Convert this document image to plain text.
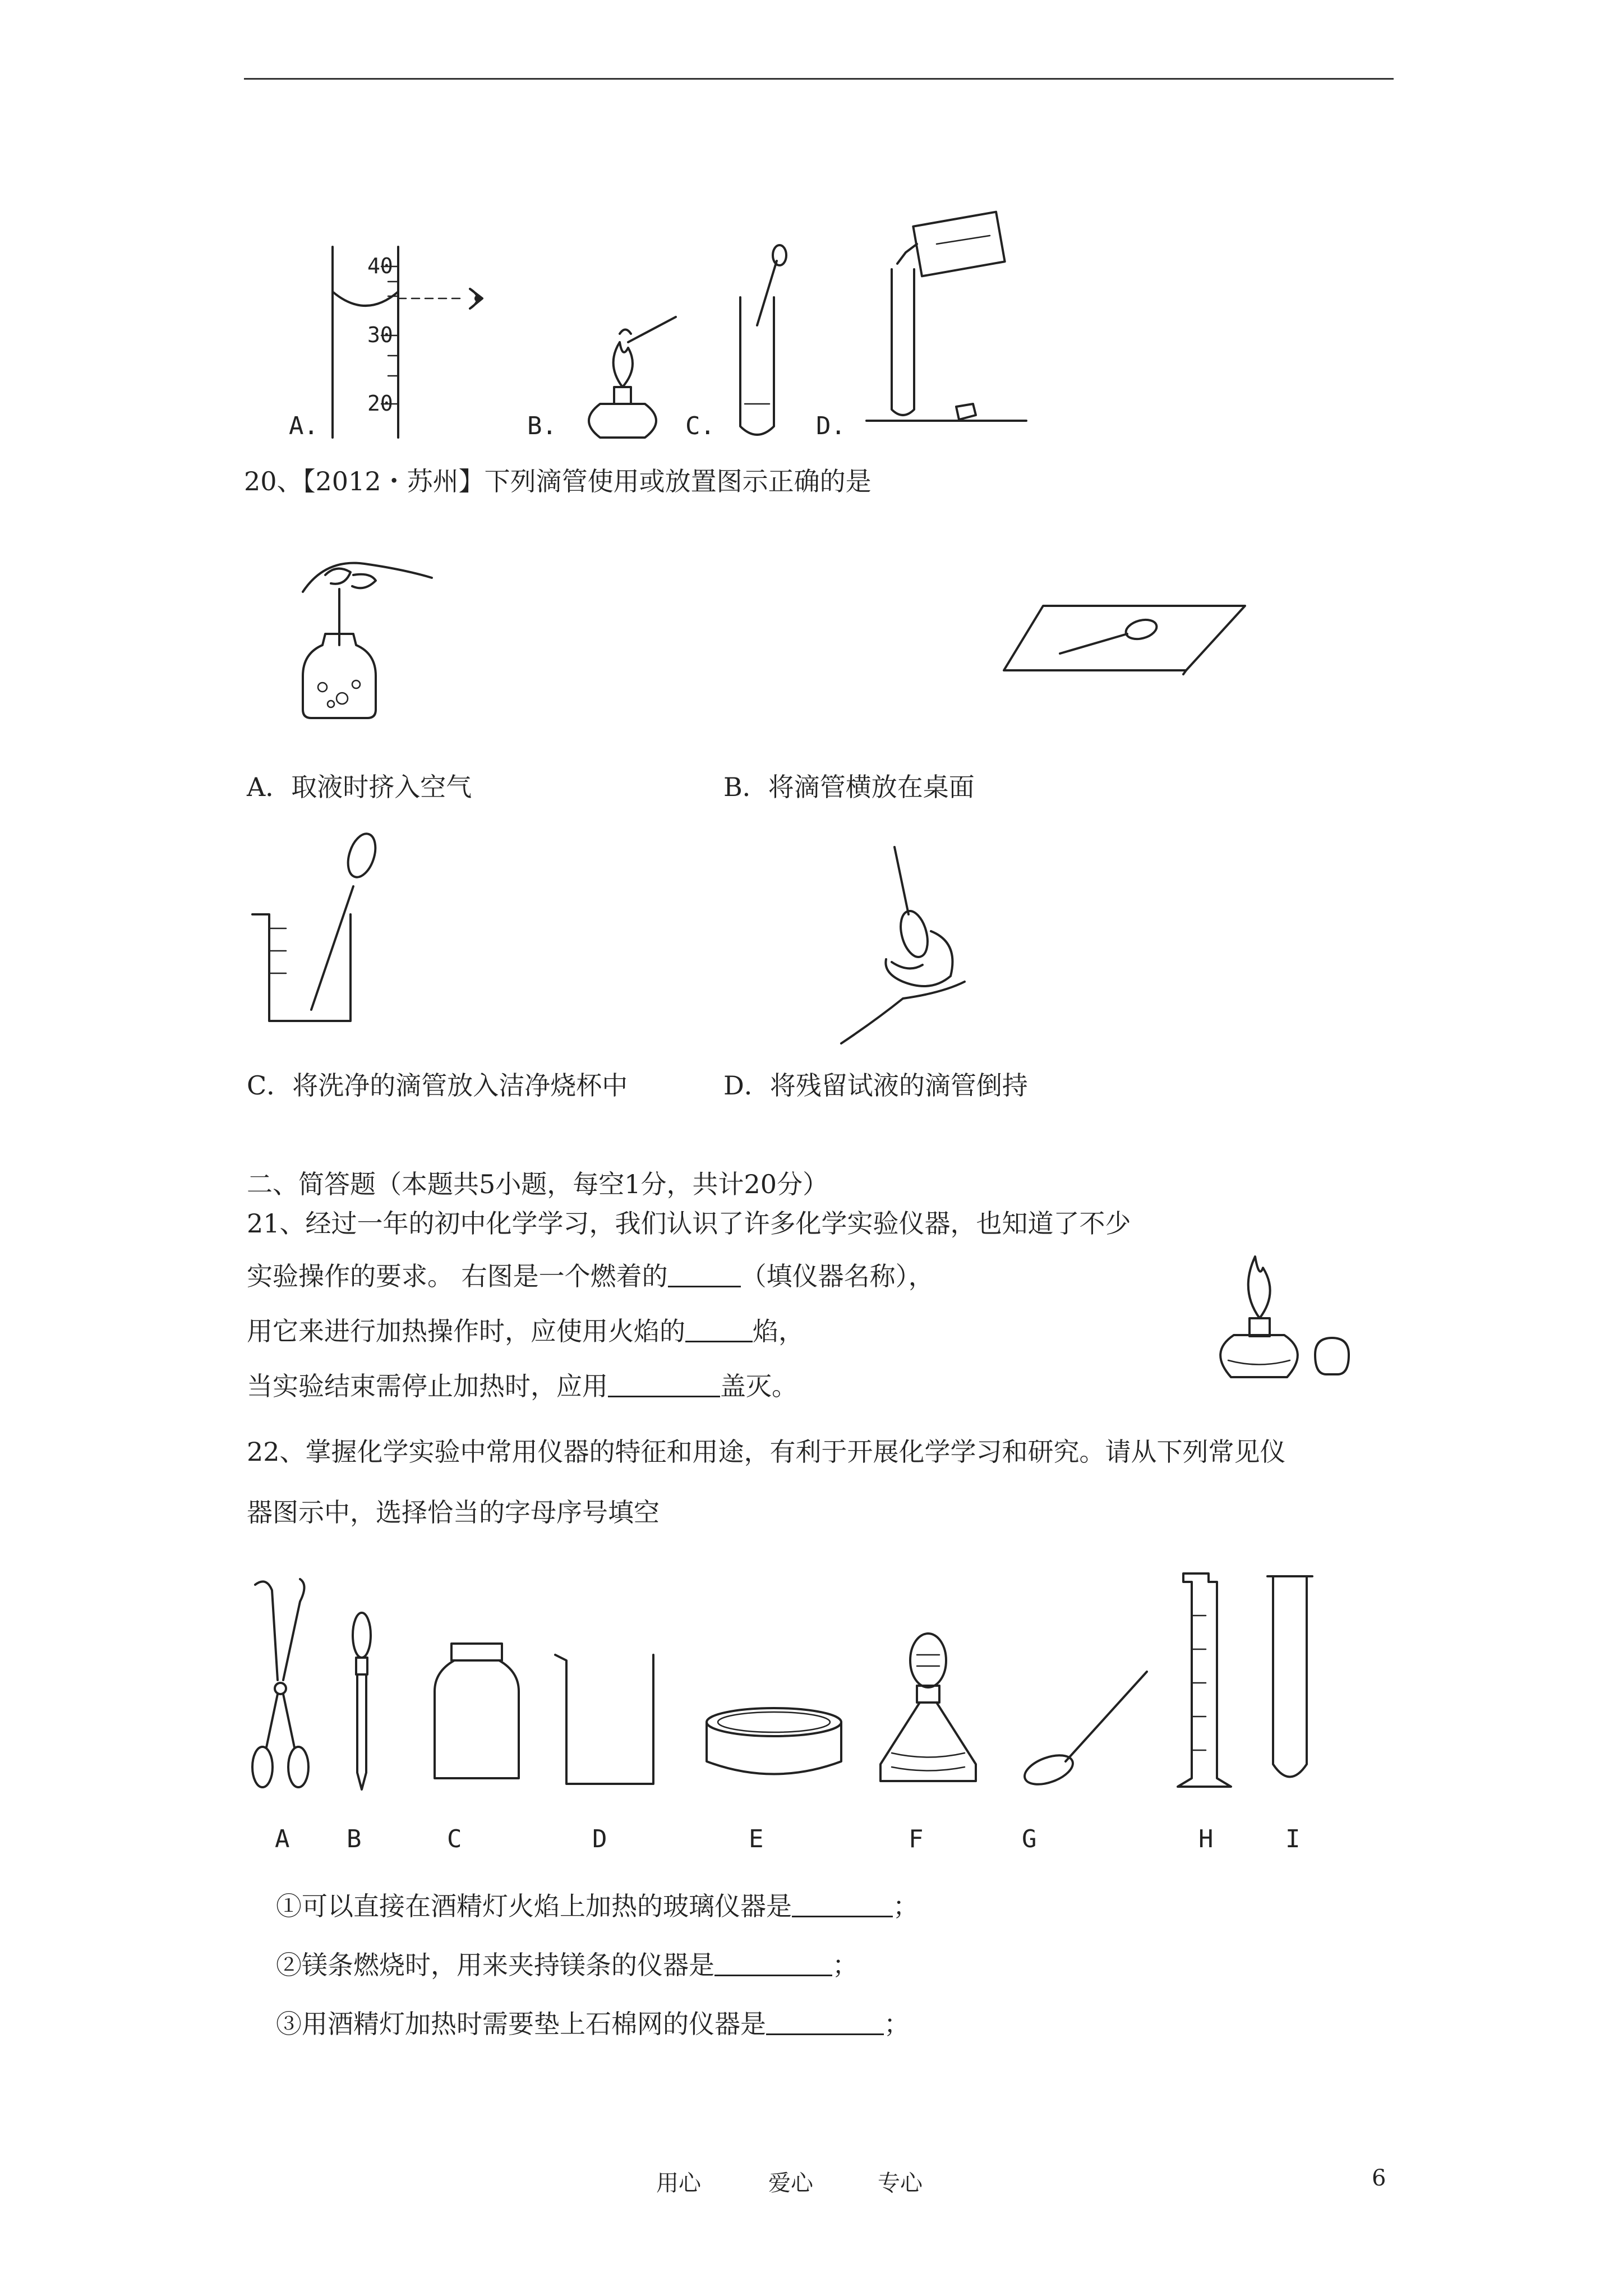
40
30
20
A.	B.	C.	D.
20、【2012・苏州】下列滴管使用或放置图示正确的是
A．取液时挤入空气	B．将滴管横放在桌面
C．将洗净的滴管放入洁净烧杯中	D．将残留试液的滴管倒持
二、简答题（本题共5小题，每空1分，共计20分）
21、经过一年的初中化学学习，我们认识了许多化学实验仪器，也知道了不少
实验操作的要求。 右图是一个燃着的	（填仪器名称），
用它来进行加热操作时，应使用火焰的	焰，
当实验结束需停止加热时，应用	盖灭。
22、掌握化学实验中常用仪器的特征和用途，有利于开展化学学习和研究。请从下列常见仪
器图示中，选择恰当的字母序号填空
A B	C	D	E	F	G	H	I
①可以直接在酒精灯火焰上加热的玻璃仪器是	；
②镁条燃烧时，用来夹持镁条的仪器是	；
③用酒精灯加热时需要垫上石棉网的仪器是	；
用心	爱心	专心	6
